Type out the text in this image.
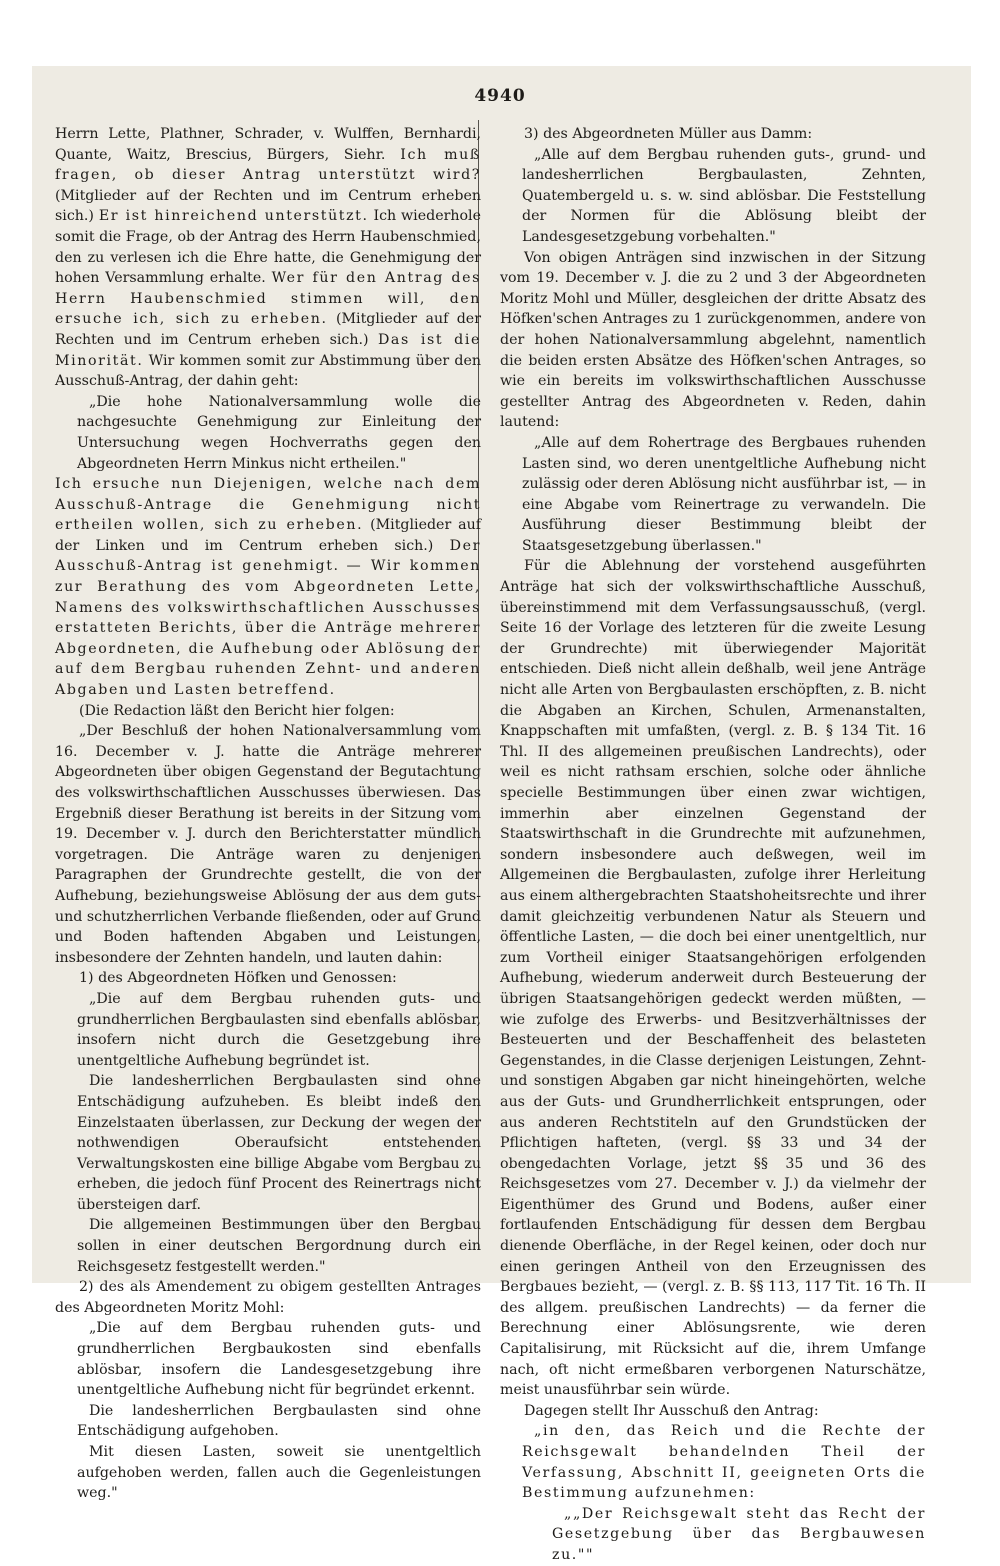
4940

Herrn Lette, Plathner, Schrader, v. Wulffen, Bernhardi, Quante, Waitz, Brescius, Bürgers, Siehr. Ich muß fragen, ob dieser Antrag unterstützt wird? (Mitglieder auf der Rechten und im Centrum erheben sich.) Er ist hinreichend unterstützt. Ich wiederhole somit die Frage, ob der Antrag des Herrn Haubenschmied, den zu verlesen ich die Ehre hatte, die Genehmigung der hohen Versammlung erhalte. Wer für den Antrag des Herrn Haubenschmied stimmen will, den ersuche ich, sich zu erheben. (Mitglieder auf der Rechten und im Centrum erheben sich.) Das ist die Minorität. Wir kommen somit zur Abstimmung über den Ausschuß-Antrag, der dahin geht:

„Die hohe Nationalversammlung wolle die nachgesuchte Genehmigung zur Einleitung der Untersuchung wegen Hochverraths gegen den Abgeordneten Herrn Minkus nicht ertheilen."

Ich ersuche nun Diejenigen, welche nach dem Ausschuß-Antrage die Genehmigung nicht ertheilen wollen, sich zu erheben. (Mitglieder auf der Linken und im Centrum erheben sich.) Der Ausschuß-Antrag ist genehmigt. — Wir kommen zur Berathung des vom Abgeordneten Lette, Namens des volkswirthschaftlichen Ausschusses erstatteten Berichts, über die Anträge mehrerer Abgeordneten, die Aufhebung oder Ablösung der auf dem Bergbau ruhenden Zehnt- und anderen Abgaben und Lasten betreffend.

(Die Redaction läßt den Bericht hier folgen:

„Der Beschluß der hohen Nationalversammlung vom 16. December v. J. hatte die Anträge mehrerer Abgeordneten über obigen Gegenstand der Begutachtung des volkswirthschaftlichen Ausschusses überwiesen. Das Ergebniß dieser Berathung ist bereits in der Sitzung vom 19. December v. J. durch den Berichterstatter mündlich vorgetragen. Die Anträge waren zu denjenigen Paragraphen der Grundrechte gestellt, die von der Aufhebung, beziehungsweise Ablösung der aus dem guts- und schutzherrlichen Verbande fließenden, oder auf Grund und Boden haftenden Abgaben und Leistungen, insbesondere der Zehnten handeln, und lauten dahin:

1) des Abgeordneten Höfken und Genossen:

„Die auf dem Bergbau ruhenden guts- und grundherrlichen Bergbaulasten sind ebenfalls ablösbar, insofern nicht durch die Gesetzgebung ihre unentgeltliche Aufhebung begründet ist.

Die landesherrlichen Bergbaulasten sind ohne Entschädigung aufzuheben. Es bleibt indeß den Einzelstaaten überlassen, zur Deckung der wegen der nothwendigen Oberaufsicht entstehenden Verwaltungskosten eine billige Abgabe vom Bergbau zu erheben, die jedoch fünf Procent des Reinertrags nicht übersteigen darf.

Die allgemeinen Bestimmungen über den Bergbau sollen in einer deutschen Bergordnung durch ein Reichsgesetz festgestellt werden."

2) des als Amendement zu obigem gestellten Antrages des Abgeordneten Moritz Mohl:

„Die auf dem Bergbau ruhenden guts- und grundherrlichen Bergbaukosten sind ebenfalls ablösbar, insofern die Landesgesetzgebung ihre unentgeltliche Aufhebung nicht für begründet erkennt.

Die landesherrlichen Bergbaulasten sind ohne Entschädigung aufgehoben.

Mit diesen Lasten, soweit sie unentgeltlich aufgehoben werden, fallen auch die Gegenleistungen weg."

3) des Abgeordneten Müller aus Damm:

„Alle auf dem Bergbau ruhenden guts-, grund- und landesherrlichen Bergbaulasten, Zehnten, Quatembergeld u. s. w. sind ablösbar. Die Feststellung der Normen für die Ablösung bleibt der Landesgesetzgebung vorbehalten."

Von obigen Anträgen sind inzwischen in der Sitzung vom 19. December v. J. die zu 2 und 3 der Abgeordneten Moritz Mohl und Müller, desgleichen der dritte Absatz des Höfken'schen Antrages zu 1 zurückgenommen, andere von der hohen Nationalversammlung abgelehnt, namentlich die beiden ersten Absätze des Höfken'schen Antrages, so wie ein bereits im volkswirthschaftlichen Ausschusse gestellter Antrag des Abgeordneten v. Reden, dahin lautend:

„Alle auf dem Rohertrage des Bergbaues ruhenden Lasten sind, wo deren unentgeltliche Aufhebung nicht zulässig oder deren Ablösung nicht ausführbar ist, — in eine Abgabe vom Reinertrage zu verwandeln. Die Ausführung dieser Bestimmung bleibt der Staatsgesetzgebung überlassen."

Für die Ablehnung der vorstehend ausgeführten Anträge hat sich der volkswirthschaftliche Ausschuß, übereinstimmend mit dem Verfassungsausschuß, (vergl. Seite 16 der Vorlage des letzteren für die zweite Lesung der Grundrechte) mit überwiegender Majorität entschieden. Dieß nicht allein deßhalb, weil jene Anträge nicht alle Arten von Bergbaulasten erschöpften, z. B. nicht die Abgaben an Kirchen, Schulen, Armenanstalten, Knappschaften mit umfaßten, (vergl. z. B. § 134 Tit. 16 Thl. II des allgemeinen preußischen Landrechts), oder weil es nicht rathsam erschien, solche oder ähnliche specielle Bestimmungen über einen zwar wichtigen, immerhin aber einzelnen Gegenstand der Staatswirthschaft in die Grundrechte mit aufzunehmen, sondern insbesondere auch deßwegen, weil im Allgemeinen die Bergbaulasten, zufolge ihrer Herleitung aus einem althergebrachten Staatshoheitsrechte und ihrer damit gleichzeitig verbundenen Natur als Steuern und öffentliche Lasten, — die doch bei einer unentgeltlich, nur zum Vortheil einiger Staatsangehörigen erfolgenden Aufhebung, wiederum anderweit durch Besteuerung der übrigen Staatsangehörigen gedeckt werden müßten, — wie zufolge des Erwerbs- und Besitzverhältnisses der Besteuerten und der Beschaffenheit des belasteten Gegenstandes, in die Classe derjenigen Leistungen, Zehnt- und sonstigen Abgaben gar nicht hineingehörten, welche aus der Guts- und Grundherrlichkeit entsprungen, oder aus anderen Rechtstiteln auf den Grundstücken der Pflichtigen hafteten, (vergl. §§ 33 und 34 der obengedachten Vorlage, jetzt §§ 35 und 36 des Reichsgesetzes vom 27. December v. J.) da vielmehr der Eigenthümer des Grund und Bodens, außer einer fortlaufenden Entschädigung für dessen dem Bergbau dienende Oberfläche, in der Regel keinen, oder doch nur einen geringen Antheil von den Erzeugnissen des Bergbaues bezieht, — (vergl. z. B. §§ 113, 117 Tit. 16 Th. II des allgem. preußischen Landrechts) — da ferner die Berechnung einer Ablösungsrente, wie deren Capitalisirung, mit Rücksicht auf die, ihrem Umfange nach, oft nicht ermeßbaren verborgenen Naturschätze, meist unausführbar sein würde.

Dagegen stellt Ihr Ausschuß den Antrag:

„in den, das Reich und die Rechte der Reichsgewalt behandelnden Theil der Verfassung, Abschnitt II, geeigneten Orts die Bestimmung aufzunehmen:

„„Der Reichsgewalt steht das Recht der Gesetzgebung über das Bergbauwesen zu.""
